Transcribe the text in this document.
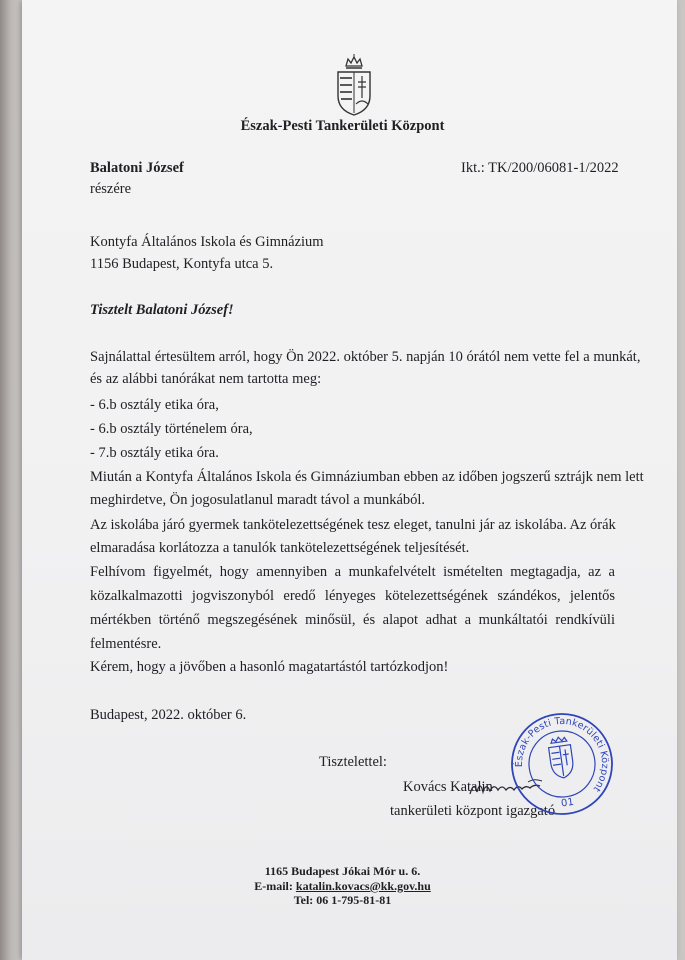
Észak-Pesti Tankerületi Központ
Balatoni József	Ikt.: TK/200/06081-1/2022
részére
Kontyfa Általános Iskola és Gimnázium
1156 Budapest, Kontyfa utca 5.
Tisztelt Balatoni József!
Sajnálattal értesültem arról, hogy Ön 2022. október 5. napján 10 órától nem vette fel a munkát,
és az alábbi tanórákat nem tartotta meg:
- 6.b osztály etika óra,
- 6.b osztály történelem óra,
- 7.b osztály etika óra.
Miután a Kontyfa Általános Iskola és Gimnáziumban ebben az időben jogszerű sztrájk nem lett
meghirdetve, Ön jogosulatlanul maradt távol a munkából.
Az iskolába járó gyermek tankötelezettségének tesz eleget, tanulni jár az iskolába. Az órák
elmaradása korlátozza a tanulók tankötelezettségének teljesítését.
Felhívom figyelmét, hogy amennyiben a munkafelvételt ismételten megtagadja, az a
közalkalmazotti jogviszonyból eredő lényeges kötelezettségének szándékos, jelentős
mértékben történő megszegésének minősül, és alapot adhat a munkáltatói rendkívüli
felmentésre.
Kérem, hogy a jövőben a hasonló magatartástól tartózkodjon!
Budapest, 2022. október 6.
Tisztelettel:
Kovács Katalin
tankerületi központ igazgató
Észak-Pesti Tankerületi Központ
01
1165 Budapest Jókai Mór u. 6.
E-mail: katalin.kovacs@kk.gov.hu
Tel: 06 1-795-81-81
